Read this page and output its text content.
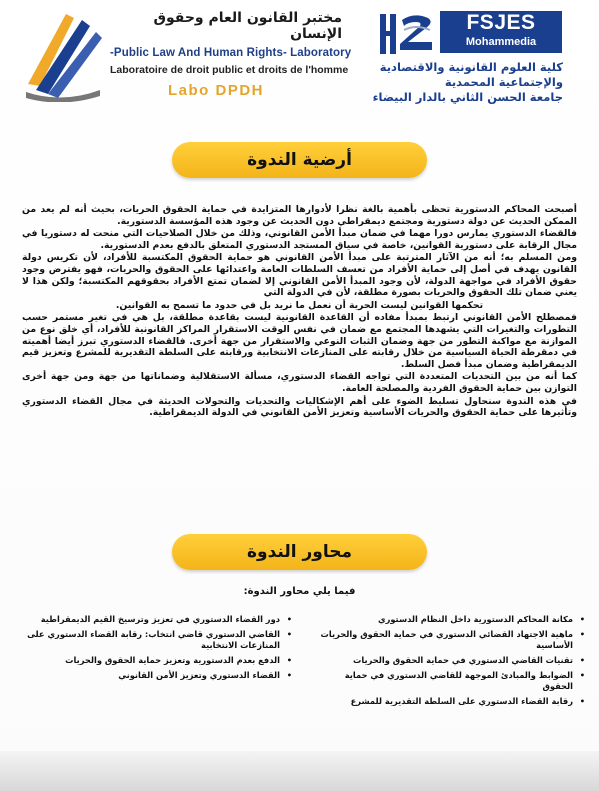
مختبر القانون العام وحقوق الإنسان
-Public Law And Human Rights- Laboratory
Laboratoire de droit public et droits de l'homme
Labo DPDH
FSJES
Mohammedia
كلية العلوم القانونية والاقتصادية
والإجتماعية المحمدية
جامعة الحسن الثاني بالدار البيضاء
أرضية الندوة

أصبحت المحاكم الدستورية تحظى بأهمية بالغة نظرا لأدوارها المتزايدة في حماية الحقوق الحريات، بحيث أنه لم يعد من الممكن الحديث عن دولة دستورية ومجتمع ديمقراطي دون الحديث عن وجود هذه المؤسسة الدستورية.

فالقضاء الدستوري يمارس دورا مهما في ضمان مبدأ الأمن القانوني، وذلك من خلال الصلاحيات التي منحت له دستوريا في مجال الرقابة على دستورية القوانين، خاصة في سياق المستجد الدستوري المتعلق بالدفع بعدم الدستورية.

ومن المسلم به؛ أنه من الآثار المترتبة على مبدأ الأمن القانوني هو حماية الحقوق المكتسبة للأفراد، لأن تكريس دولة القانون يهدف في أصل إلى حماية الأفراد من تعسف السلطات العامة واعتدائها على الحقوق والحريات، فهو يفترض وجود حقوق الأفراد في مواجهة الدولة، لأن وجود المبدأ الأمن القانوني إلا لضمان تمتع الأفراد بحقوقهم المكتسبة؛ ولكن هذا لا يعني ضمان تلك الحقوق والحريات بصورة مطلقة، لأن في الدولة التي

تحكمها القوانين ليست الحرية أن نعمل ما نريد بل في حدود ما تسمح به القوانين.

فمصطلح الأمن القانوني ارتبط بمبدأ مفاده أن القاعدة القانونية ليست بقاعدة مطلقة، بل هي في تغير مستمر حسب التطورات والتغيرات التي يشهدها المجتمع مع ضمان في نفس الوقت الاستقرار المراكز القانونية للأفراد، أي خلق نوع من الموازنة مع مواكبة التطور من جهة وضمان الثبات النوعي والاستقرار من جهة أخرى. فالقضاء الدستوري تبرز أيضا أهميته في دمقرطة الحياة السياسية من خلال رقابته على المنازعات الانتخابية ورقابته على السلطة التقديرية للمشرع وتعزيز قيم الديمقراطية وضمان مبدأ فصل السلط.

كما أنه من بين التحديات المتعددة التي تواجه القضاء الدستوري، مسألة الاستقلالية وضماناتها من جهة ومن جهة أخرى التوازن بين حماية الحقوق الفردية والمصلحة العامة.

في هذه الندوة سنحاول تسليط الضوء على أهم الإشكاليات والتحديات والتحولات الحديثة في مجال القضاء الدستوري وتأثيرها على حماية الحقوق والحريات الأساسية وتعزيز الأمن القانوني في الدولة الديمقراطية.

محاور الندوة
فيما يلي محاور الندوة:
• مكانة المحاكم الدستورية داخل النظام الدستوري
• ماهية الاجتهاد القضائي الدستوري في حماية الحقوق والحريات الأساسية
• تقنيات القاضي الدستوري في حماية الحقوق والحريات
• الضوابط والمبادئ الموجهة للقاضي الدستوري في حماية الحقوق
• رقابة القضاء الدستوري على السلطة التقديرية للمشرع
• دور القضاء الدستوري في تعزيز وترسيخ القيم الديمقراطية
• القاضي الدستوري قاضي انتخاب: رقابة القضاء الدستوري على المنازعات الانتخابية
• الدفع بعدم الدستورية وتعزيز حماية الحقوق والحريات
• القضاء الدستوري وتعزيز الأمن القانوني
